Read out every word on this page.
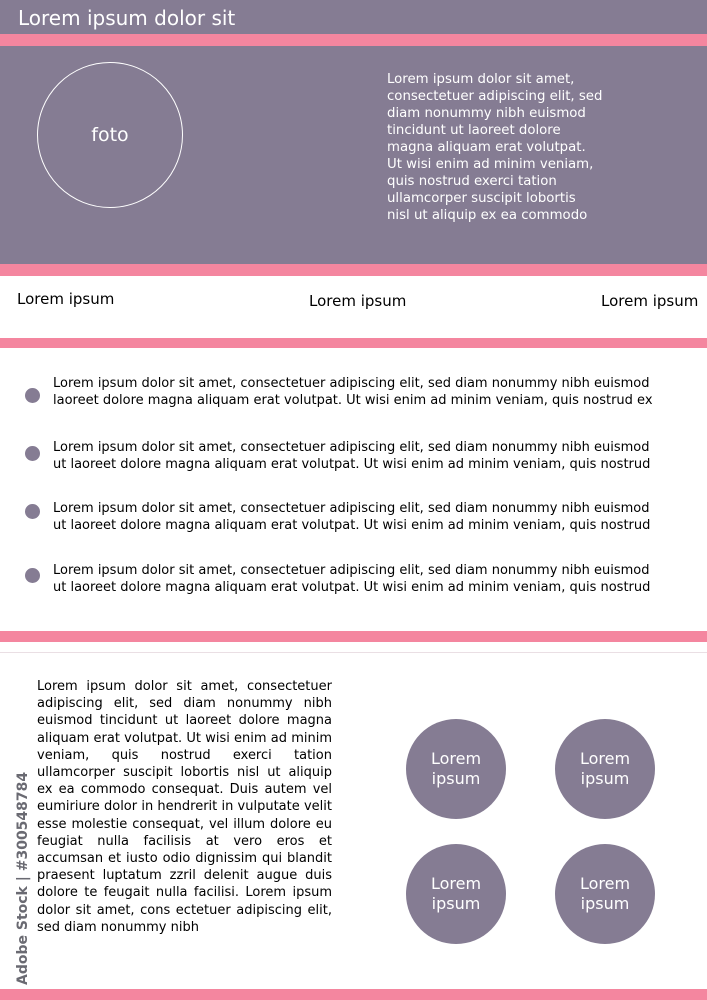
Lorem ipsum dolor sit
foto
Lorem ipsum dolor sit amet,
consectetuer adipiscing elit, sed
diam nonummy nibh euismod
tincidunt ut laoreet dolore
magna aliquam erat volutpat.
Ut wisi enim ad minim veniam,
quis nostrud exerci tation
ullamcorper suscipit lobortis
nisl ut aliquip ex ea commodo
Lorem ipsum	Lorem ipsum	Lorem ipsum
Lorem ipsum dolor sit amet, consectetuer adipiscing elit, sed diam nonummy nibh euismod
laoreet dolore magna aliquam erat volutpat. Ut wisi enim ad minim veniam, quis nostrud ex
Lorem ipsum dolor sit amet, consectetuer adipiscing elit, sed diam nonummy nibh euismod
ut laoreet dolore magna aliquam erat volutpat. Ut wisi enim ad minim veniam, quis nostrud
Lorem ipsum dolor sit amet, consectetuer adipiscing elit, sed diam nonummy nibh euismod
ut laoreet dolore magna aliquam erat volutpat. Ut wisi enim ad minim veniam, quis nostrud
Lorem ipsum dolor sit amet, consectetuer adipiscing elit, sed diam nonummy nibh euismod
ut laoreet dolore magna aliquam erat volutpat. Ut wisi enim ad minim veniam, quis nostrud
Lorem ipsum dolor sit amet, consectetuer adipiscing elit, sed diam nonummy nibh euismod tincidunt ut laoreet dolore magna aliquam erat volutpat. Ut wisi enim ad minim veniam, quis nostrud exerci tation ullamcorper suscipit lobortis nisl ut aliquip ex ea commodo consequat. Duis autem vel eumiriure dolor in hendrerit in vulputate velit esse molestie consequat, vel illum dolore eu feugiat nulla facilisis at vero eros et accumsan et iusto odio dignissim qui blandit praesent luptatum zzril delenit augue duis dolore te feugait nulla facilisi. Lorem ipsum dolor sit amet, cons ectetuer adipiscing elit, sed diam nonummy nibh
Adobe Stock | #300548784
Lorem
ipsum
Lorem
ipsum
Lorem
ipsum
Lorem
ipsum
